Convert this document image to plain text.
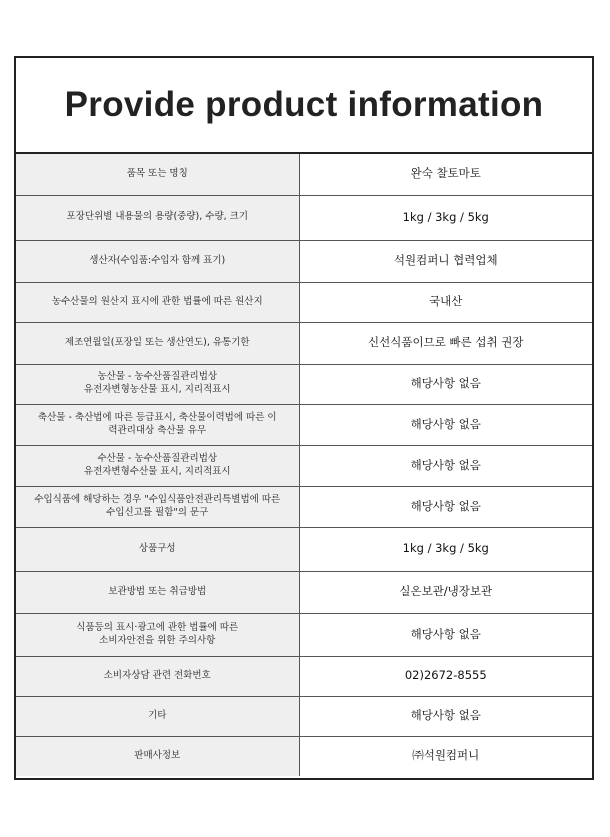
Provide product information
품목 또는 명칭	완숙 찰토마토
포장단위별 내용물의 용량(중량), 수량, 크기	1kg / 3kg / 5kg
생산자(수입품:수입자 함께 표기)	석원컴퍼니 협력업체
농수산물의 원산지 표시에 관한 법률에 따른 원산지	국내산
제조연월일(포장일 또는 생산연도), 유통기한	신선식품이므로 빠른 섭취 권장
농산물 - 농수산품질관리법상
유전자변형농산물 표시, 지리적표시	해당사항 없음
축산물 - 축산법에 따른 등급표시, 축산물이력법에 따른 이
력관리대상 축산물 유무	해당사항 없음
수산물 - 농수산품질관리법상
유전자변형수산물 표시, 지리적표시	해당사항 없음
수입식품에 해당하는 경우 "수입식품안전관리특별법에 따른
수입신고를 필함"의 문구	해당사항 없음
상품구성	1kg / 3kg / 5kg
보관방법 또는 취급방법	실온보관/냉장보관
식품등의 표시·광고에 관한 법률에 따른
소비자안전을 위한 주의사항	해당사항 없음
소비자상담 관련 전화번호	02)2672-8555
기타	해당사항 없음
판매사정보	㈜석원컴퍼니
